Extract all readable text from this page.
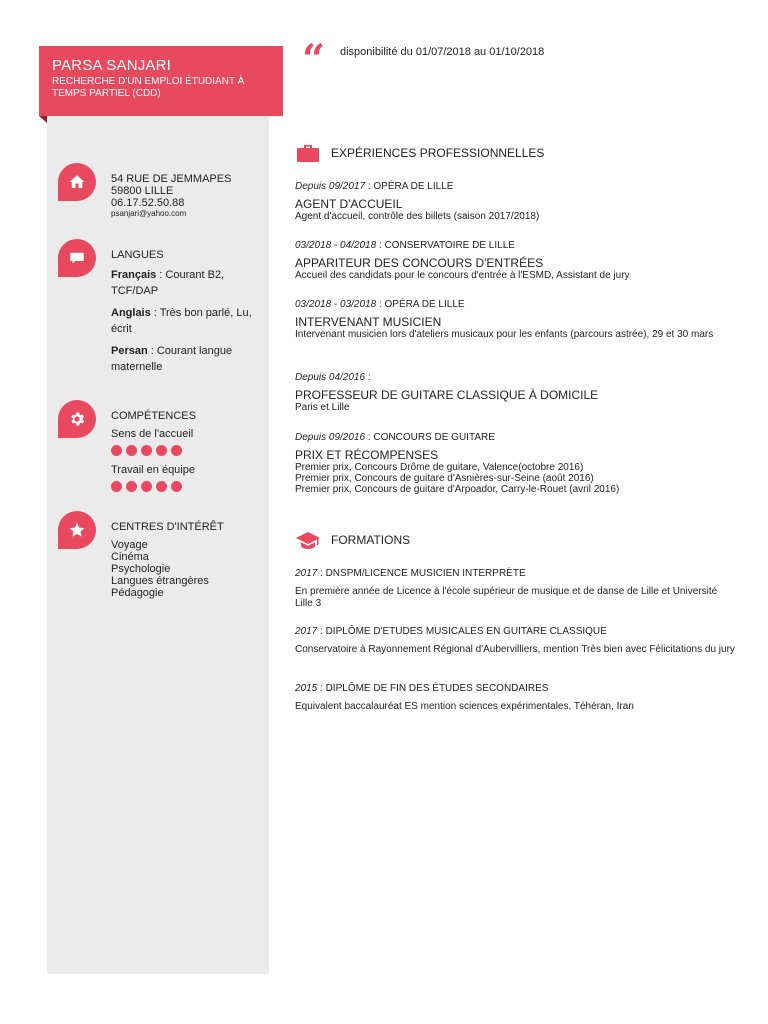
PARSA SANJARI
RECHERCHE D'UN EMPLOI ÉTUDIANT À TEMPS PARTIEL (CDD)
54 RUE DE JEMMAPES
59800 LILLE
06.17.52.50.88
psanjari@yahoo.com
LANGUES
Français : Courant B2, TCF/DAP
Anglais : Très bon parlé, Lu, écrit
Persan : Courant langue maternelle
COMPÉTENCES
Sens de l'accueil
Travail en équipe
CENTRES D'INTÉRÊT
Voyage
Cinéma
Psychologie
Langues étrangères
Pédagogie
“ disponibilité du 01/07/2018 au 01/10/2018
EXPÉRIENCES PROFESSIONNELLES
Depuis 09/2017 : OPÉRA DE LILLE
AGENT D'ACCUEIL
Agent d'accueil, contrôle des billets (saison 2017/2018)
03/2018 - 04/2018 : CONSERVATOIRE DE LILLE
APPARITEUR DES CONCOURS D'ENTRÉES
Accueil des candidats pour le concours d'entrée à l'ESMD, Assistant de jury
03/2018 - 03/2018 : OPÉRA DE LILLE
INTERVENANT MUSICIEN
Intervenant musicien lors d'ateliers musicaux pour les enfants (parcours astrée), 29 et 30 mars
Depuis 04/2016 :
PROFESSEUR DE GUITARE CLASSIQUE À DOMICILE
Paris et Lille
Depuis 09/2016 : CONCOURS DE GUITARE
PRIX ET RÉCOMPENSES
Premier prix, Concours Drôme de guitare, Valence(octobre 2016)
Premier prix, Concours de guitare d'Asnières-sur-Seine (août 2016)
Premier prix, Concours de guitare d'Arpoador, Carry-le-Rouet (avril 2016)
FORMATIONS
2017 : DNSPM/LICENCE MUSICIEN INTERPRÈTE
En première année de Licence à l'école supérieur de musique et de danse de Lille et Université Lille 3
2017 : DIPLÔME D'ETUDES MUSICALES EN GUITARE CLASSIQUE
Conservatoire à Rayonnement Régional d'Aubervilliers, mention Très bien avec Félicitations du jury
2015 : DIPLÔME DE FIN DES ÉTUDES SECONDAIRES
Equivalent baccalauréat ES mention sciences expérimentales, Téhéran, Iran
